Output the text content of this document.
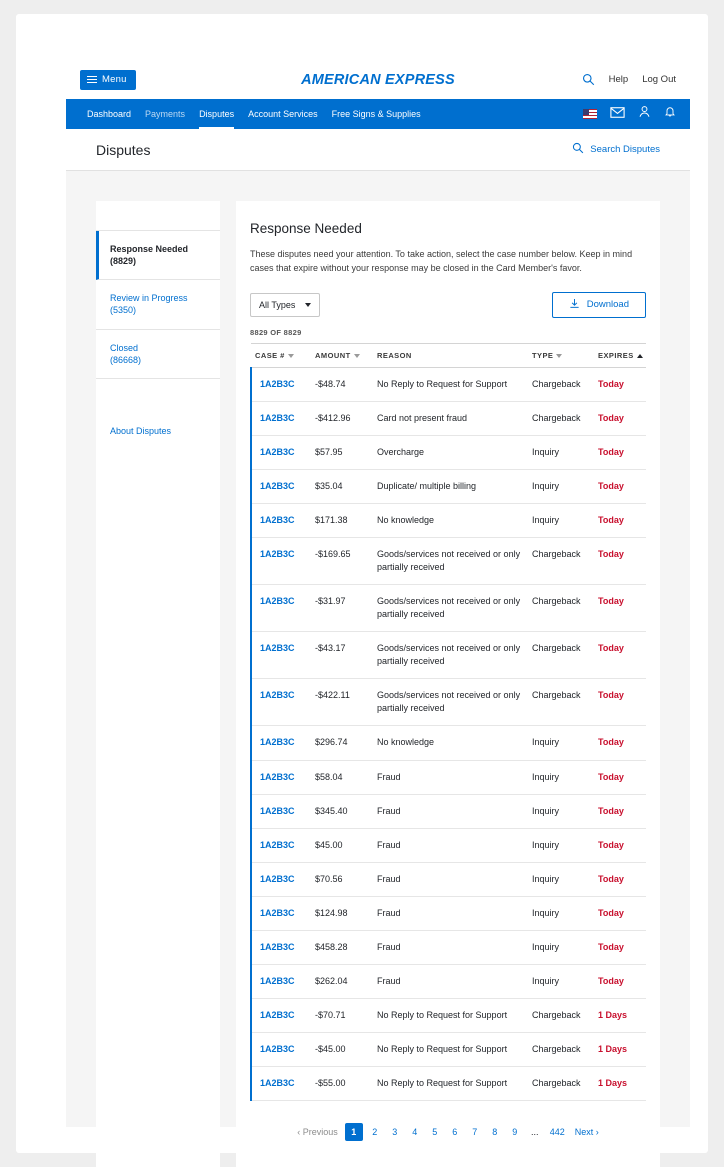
Menu	AMERICAN EXPRESS	Help Log Out
Dashboard	Payments	Disputes	Account Services	Free Signs & Supplies
Disputes	Search Disputes
Response Needed
(8829)
Review in Progress
(5350)
Closed
(86668)
About Disputes
Response Needed

These disputes need your attention. To take action, select the case number below. Keep in mind cases that expire without your response may be closed in the Card Member's favor.

All Types	Download
8829 OF 8829
CASE #	AMOUNT	REASON	TYPE	EXPIRES
1A2B3C	-$48.74	No Reply to Request for Support	Chargeback	Today
1A2B3C	-$412.96	Card not present fraud	Chargeback	Today
1A2B3C	$57.95	Overcharge	Inquiry	Today
1A2B3C	$35.04	Duplicate/ multiple billing	Inquiry	Today
1A2B3C	$171.38	No knowledge	Inquiry	Today
1A2B3C	-$169.65	Goods/services not received or only partially received	Chargeback	Today
1A2B3C	-$31.97	Goods/services not received or only partially received	Chargeback	Today
1A2B3C	-$43.17	Goods/services not received or only partially received	Chargeback	Today
1A2B3C	-$422.11	Goods/services not received or only partially received	Chargeback	Today
1A2B3C	$296.74	No knowledge	Inquiry	Today
1A2B3C	$58.04	Fraud	Inquiry	Today
1A2B3C	$345.40	Fraud	Inquiry	Today
1A2B3C	$45.00	Fraud	Inquiry	Today
1A2B3C	$70.56	Fraud	Inquiry	Today
1A2B3C	$124.98	Fraud	Inquiry	Today
1A2B3C	$458.28	Fraud	Inquiry	Today
1A2B3C	$262.04	Fraud	Inquiry	Today
1A2B3C	-$70.71	No Reply to Request for Support	Chargeback	1 Days
1A2B3C	-$45.00	No Reply to Request for Support	Chargeback	1 Days
1A2B3C	-$55.00	No Reply to Request for Support	Chargeback	1 Days
‹ Previous	1	2	3	4	5	6	7	8	9	...	442	Next ›
